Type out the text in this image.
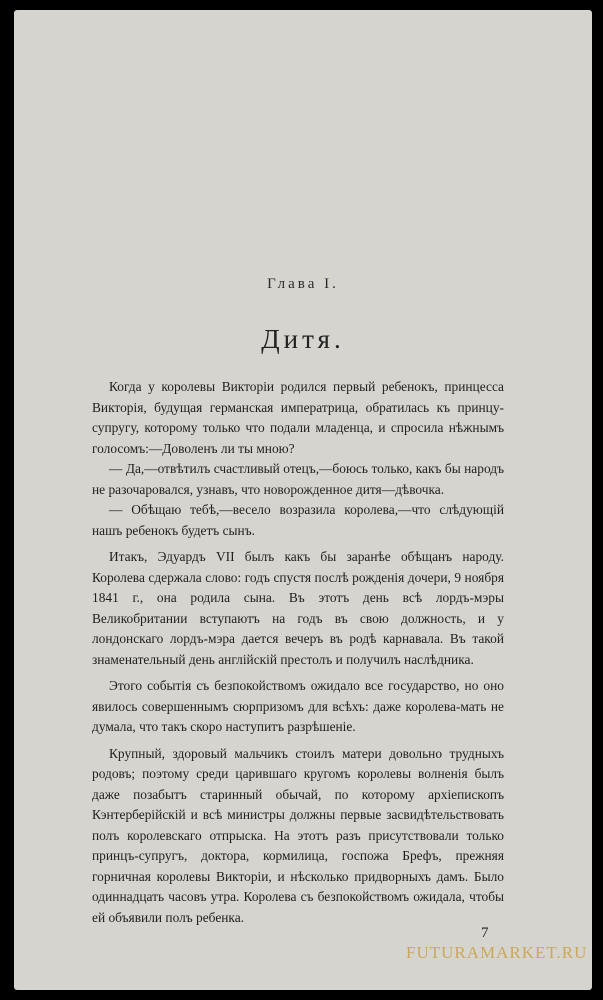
Глава I.
Дитя.

Когда у королевы Викторіи родился первый ребенокъ, принцесса Викторія, будущая германская императрица, обратилась къ принцу-супругу, которому только что подали младенца, и спросила нѣжнымъ голосомъ:—Доволенъ ли ты мною?

— Да,—отвѣтилъ счастливый отецъ,—боюсь только, какъ бы народъ не разочаровался, узнавъ, что новорожденное дитя—дѣвочка.

— Обѣщаю тебѣ,—весело возразила королева,—что слѣдующій нашъ ребенокъ будетъ сынъ.

Итакъ, Эдуардъ VII былъ какъ бы заранѣе обѣщанъ народу. Королева сдержала слово: годъ спустя послѣ рожденія дочери, 9 ноября 1841 г., она родила сына. Въ этотъ день всѣ лордъ-мэры Великобритании вступаютъ на годъ въ свою должность, и у лондонскаго лордъ-мэра дается вечеръ въ родѣ карнавала. Въ такой знаменательный день англійскій престолъ и получилъ наслѣдника.

Этого событія съ безпокойствомъ ожидало все государство, но оно явилось совершеннымъ сюрпризомъ для всѣхъ: даже королева-мать не думала, что такъ скоро наступитъ разрѣшеніе.

Крупный, здоровый мальчикъ стоилъ матери довольно трудныхъ родовъ; поэтому среди царившаго кругомъ королевы волненія былъ даже позабытъ старинный обычай, по которому архіепископъ Кэнтерберійскій и всѣ министры должны первые засвидѣтельствовать полъ королевскаго отпрыска. На этотъ разъ присутствовали только принцъ-супругъ, доктора, кормилица, госпожа Брефъ, прежняя горничная королевы Викторіи, и нѣсколько придворныхъ дамъ. Было одиннадцать часовъ утра. Королева съ безпокойствомъ ожидала, чтобы ей объявили полъ ребенка.

7
FUTURAMARKET.RU
